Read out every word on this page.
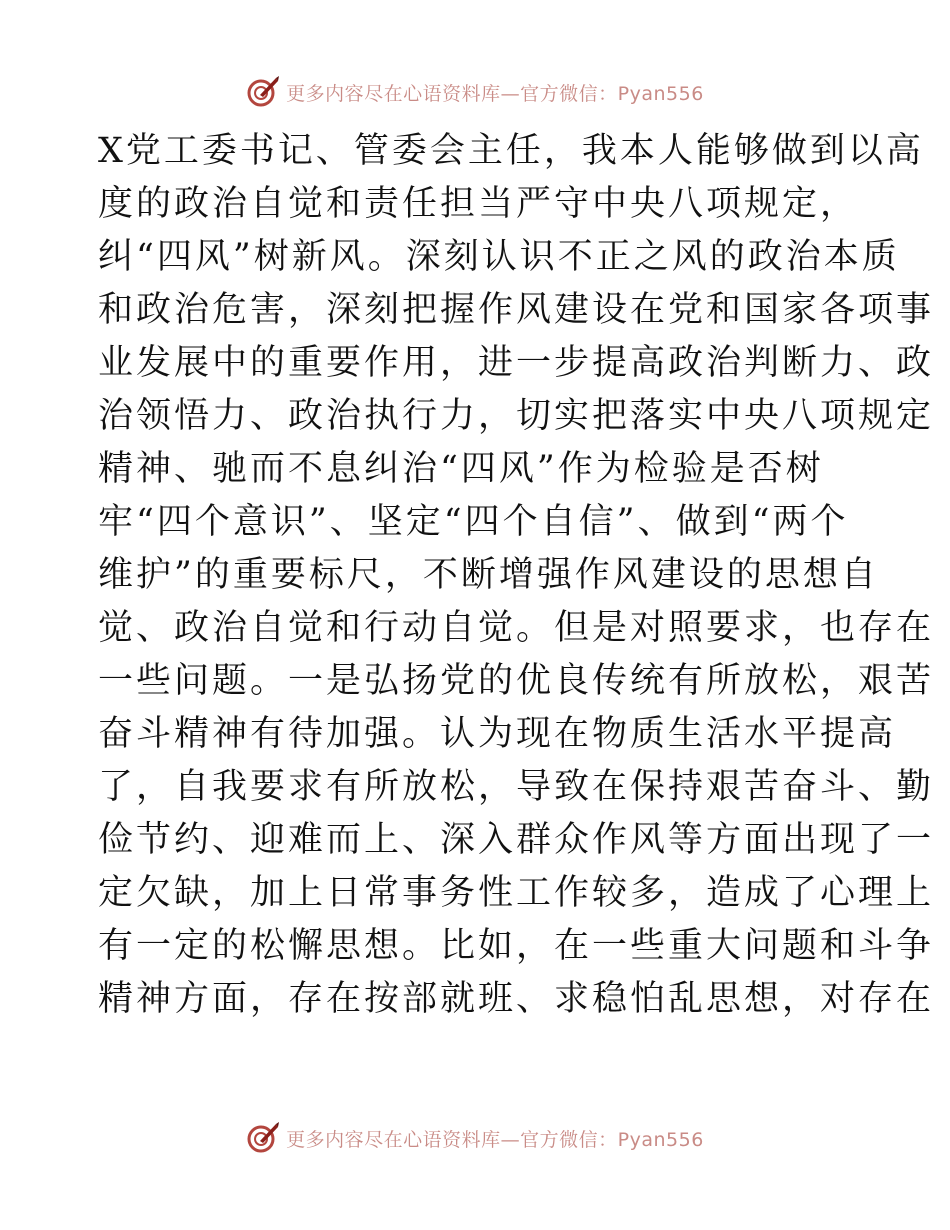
更多内容尽在心语资料库—官方微信：Pyan556
X党工委书记、管委会主任，我本人能够做到以高
度的政治自觉和责任担当严守中央八项规定，
纠“四风”树新风。深刻认识不正之风的政治本质
和政治危害，深刻把握作风建设在党和国家各项事
业发展中的重要作用，进一步提高政治判断力、政
治领悟力、政治执行力，切实把落实中央八项规定
精神、驰而不息纠治“四风”作为检验是否树
牢“四个意识”、坚定“四个自信”、做到“两个
维护”的重要标尺，不断增强作风建设的思想自
觉、政治自觉和行动自觉。但是对照要求，也存在
一些问题。一是弘扬党的优良传统有所放松，艰苦
奋斗精神有待加强。认为现在物质生活水平提高
了，自我要求有所放松，导致在保持艰苦奋斗、勤
俭节约、迎难而上、深入群众作风等方面出现了一
定欠缺，加上日常事务性工作较多，造成了心理上
有一定的松懈思想。比如，在一些重大问题和斗争
精神方面，存在按部就班、求稳怕乱思想，对存在
更多内容尽在心语资料库—官方微信：Pyan556
